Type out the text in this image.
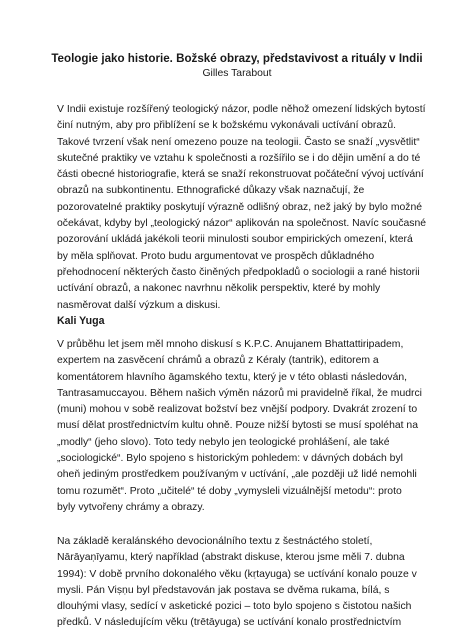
Teologie jako historie. Božské obrazy, představivost a rituály v Indii
Gilles Tarabout

V Indii existuje rozšířený teologický názor, podle něhož omezení lidských bytostí
činí nutným, aby pro přiblížení se k božskému vykonávali uctívání obrazů.
Takové tvrzení však není omezeno pouze na teologii. Často se snaží „vysvětlit“
skutečné praktiky ve vztahu k společnosti a rozšířilo se i do dějin umění a do té
části obecné historiografie, která se snaží rekonstruovat počáteční vývoj uctívání
obrazů na subkontinentu. Ethnografické důkazy však naznačují, že
pozorovatelné praktiky poskytují výrazně odlišný obraz, než jaký by bylo možné
očekávat, kdyby byl „teologický názor“ aplikován na společnost. Navíc současné
pozorování ukládá jakékoli teorii minulosti soubor empirických omezení, která
by měla splňovat. Proto budu argumentovat ve prospěch důkladného
přehodnocení některých často činěných předpokladů o sociologii a rané historii
uctívání obrazů, a nakonec navrhnu několik perspektiv, které by mohly
nasměrovat další výzkum a diskusi.

Kali Yuga

V průběhu let jsem měl mnoho diskusí s K.P.C. Anujanem Bhattattiripadem,
expertem na zasvěcení chrámů a obrazů z Kéraly (tantrik), editorem a
komentátorem hlavního āgamského textu, který je v této oblasti následován,
Tantrasamuccayou. Během našich výměn názorů mi pravidelně říkal, že mudrci
(muni) mohou v sobě realizovat božství bez vnější podpory. Dvakrát zrození to
musí dělat prostřednictvím kultu ohně. Pouze nižší bytosti se musí spoléhat na
„modly“ (jeho slovo). Toto tedy nebylo jen teologické prohlášení, ale také
„sociologické“. Bylo spojeno s historickým pohledem: v dávných dobách byl
oheň jediným prostředkem používaným v uctívání, „ale později už lidé nemohli
tomu rozumět“. Proto „učitelé“ té doby „vymysleli vizuálnější metodu“: proto
byly vytvořeny chrámy a obrazy.

Na základě keralánského devocionálního textu z šestnáctého století,
Nārāyaṇīyamu, který například (abstrakt diskuse, kterou jsme měli 7. dubna
1994): V době prvního dokonalého věku (kṛtayuga) se uctívání konalo pouze v
mysli. Pán Viṣṇu byl představován jak postava se dvěma rukama, bílá, s
dlouhými vlasy, sedící v asketické pozici – toto bylo spojeno s čistotou našich
předků. V následujícím věku (trētāyuga) se uctívání konalo prostřednictvím
